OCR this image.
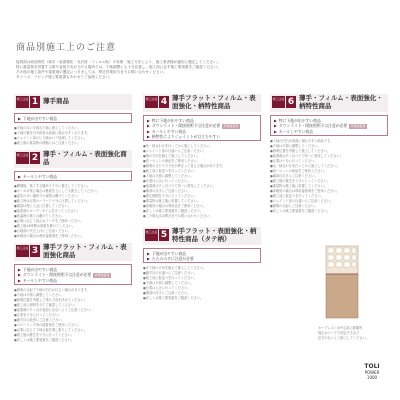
商品別施工上のご注意
接着剤は商品特性（薄手・表面強化・光沢度・フィルム貼）の有無・施工方法により、施工業者様が適切に選定してください。
特に重量物を設置する際や直射日光が当たる場所では、下地調整にも十分注意し、施工前に必ず施工要領書をご確認ください。
その他の施工条件や接着剤の選定につきましては、弊社営業担当までお問い合わせください。
タワーズ・リビング施工要領書もあわせてご参照ください。
施工注意 1 薄手商品
▶ 下地が出やすい商品
●不陸のない平滑な下地に施工してください。
●下地の継ぎ目や段差は表面に現れやすくなります。
●ジョイント部のビス頭はパテ処理してください。
●施工後の重量物の移動にはご注意ください。
施工注意 2 薄手・フィルム・表面強化商品
▶ カールしやすい商品
●開梱後、施工する場所で十分に養生してください。
●カールが残る場合は裏面を上にして平置きしてください。
●湿気の多い場所での保管は避けてください。
●施工時は圧着ローラーで十分に圧着してください。
●端部は特に入念に圧着してください。
●接着剤のオープンタイムを守ってください。
●低温時の施工は避けてください。
●必要に応じて仮止めテープをご使用ください。
●施工後24時間は荷重を避けてください。
●目地部の突き上げにご注意ください。
●床暖房の場合は専用接着剤をご使用ください。
施工注意 3 薄手フラット・フィルム・表面強化商品
▶ 下地が出やすい商品
▶ ダウンライト・間接照明下は注意が必要 特殊接着剤
▶ カールしやすい商品
●照明の反射で下地の凹凸が目立つ場合があります。
●下地は平滑に調整してください。
●照明位置を考慮して張り方向を決めてください。
●施工前に照明を当てて確認してください。
●接着剤のクシ目が表面に出ないようご注意ください。
●圧着を十分に行ってください。
●継ぎ目の段差にご注意ください。
●フローリング用の接着剤をご使用ください。
●必要に応じて下地合板を増し張りしてください。
●施工後は養生を十分に行ってください。
●詳しくは施工要領書をご確認ください。
施工注意 4 薄手フラット・フィルム・表面強化・柄特性商品
▶ 特に下地が出やすい商品
▶ ダウンライト・間接照明下は注意が必要 特殊接着剤
▶ カールしやすい商品
▶ 柄特性によりジョイントが目立ちやすい
●色・柄合わせを行ってから施工してください。
●ジョイント部の目違いにご注意ください。
●柄の方向を揃えて施工してください。
●同一ロットの商品をご使用ください。
●照明の当たり方で色が異なって見える場合があります。
●施工前に仮並べを行ってください。
●下地は平滑に調整してください。
●圧着は入念に行ってください。
●接着剤はクシ目ゴテで均一に塗布してください。
●端部の浮きにご注意ください。
●養生期間を十分にとってください。
●重量物は施工後に設置してください。
●床暖房の場合は専用品をご使用ください。
●詳しくは施工要領書をご確認ください。
●ご不明な点は弊社までお問い合わせください。
施工注意 5 薄手フラット・表面強化・柄特性商品（タテ柄）
▶ 下地が出やすい商品
▶ たたみのぞに注意が必要
●タテ柄の方向を揃えて施工してください。
●継ぎ目の目違いにご注意ください。
●施工前に仮並べを行ってください。
●下地は平滑に調整してください。
●圧着は入念に行ってください。
●端部の浮きにご注意ください。
●詳しくは施工要領書をご確認ください。
施工注意 6 薄手・フィルム・表面強化・柄特性商品
▶ 特に下地が出やすい商品
▶ ダウンライト・間接照明下は注意が必要 特殊接着剤
▶ カールしやすい商品
●下地の凹凸が表面に現れやすい商品です。
●下地は平滑に調整してください。
●照明位置を考慮して施工してください。
●接着剤はクシ目ゴテで均一に塗布してください。
●圧着は十分に行ってください。
●色・柄合わせを行ってから施工してください。
●同一ロットの商品をご使用ください。
●端部の浮きにご注意ください。
●施工後の養生を十分にとってください。
●重量物は施工後に設置してください。
●床暖房の場合は専用接着剤をご使用ください。
●施工前に仮並べを行ってください。
●ジョイント部の目違いにご注意ください。
●照明の反射にご注意ください。
●詳しくは施工要領書をご確認ください。
カーブレストは中心部に数箇所
仮止めテープで固定するなど
浮きのないよう施工してください。
TOLI
POWER
1000
